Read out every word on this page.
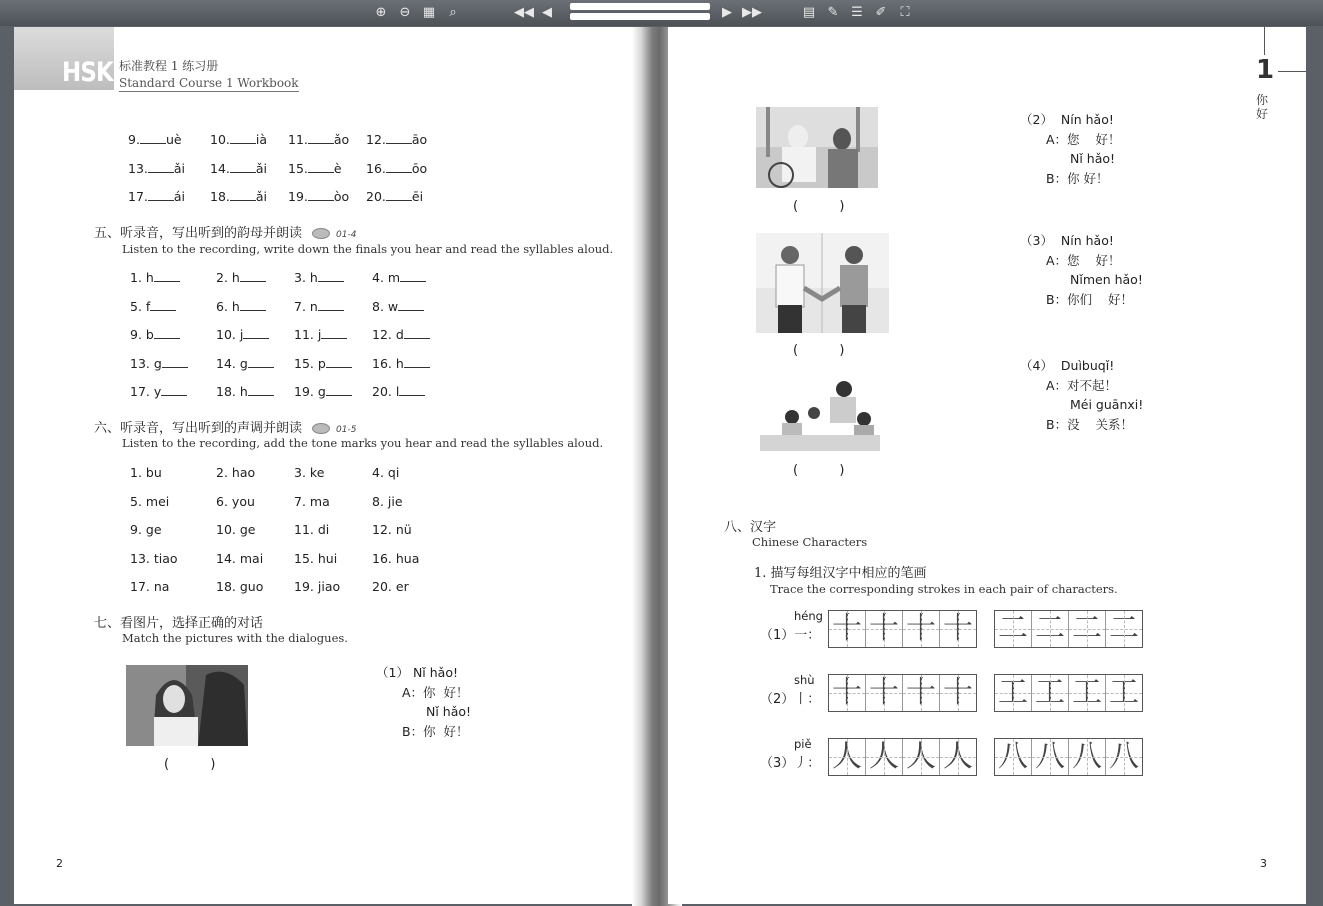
⊕ ⊖ ▦	⌕	◀◀ ◀	▶ ▶▶	▤ ✎ ☰ ✐	⛶
HSK 标准教程 1 练习册
Standard Course 1 Workbook
9. uè 10. ià 11. ǎo 12. āo
13. ǎi 14. ǎi 15. è 16. ōo
17. ái 18. ǎi 19. òo 20. ēi
五、听录音，写出听到的韵母并朗读	01-4
Listen to the recording, write down the finals you hear and read the syllables aloud.
1. h	2. h	3. h	4. m
5. f	6. h	7. n	8. w
9. b	10. j	11. j	12. d
13. g	14. g	15. p	16. h
17. y	18. h	19. g	20. l
六、听录音，写出听到的声调并朗读	01-5
Listen to the recording, add the tone marks you hear and read the syllables aloud.
1. bu	2. hao	3. ke	4. qi
5. mei	6. you	7. ma	8. jie
9. ge	10. ge	11. di	12. nü
13. tiao	14. mai 15. hui	16. hua
17. na	18. guo 19. jiao	20. er
七、看图片，选择正确的对话
Match the pictures with the dialogues.
(          )
（1） Nǐ hǎo!
A：你  好！
Nǐ hǎo!
B：你  好！
2
1
你好
(          )
(          )
(          )
（2） Nín hǎo!
A：您    好！
Nǐ hǎo!
B：你 好！
（3） Nín hǎo!
A：您    好！
Nǐmen hǎo!
B：你们    好！
（4） Duìbuqǐ!
A：对不起！
Méi guānxi!
B：没    关系！
八、汉字
Chinese Characters
1. 描写每组汉字中相应的笔画
Trace the corresponding strokes in each pair of characters.
héng
（1）一： 十 十 十 十 二 二 二 二
shù
（2）丨： 十 十 十 十 工 工 工 工
piě
（3）丿： 人 人 人 人 八 八 八 八
3
